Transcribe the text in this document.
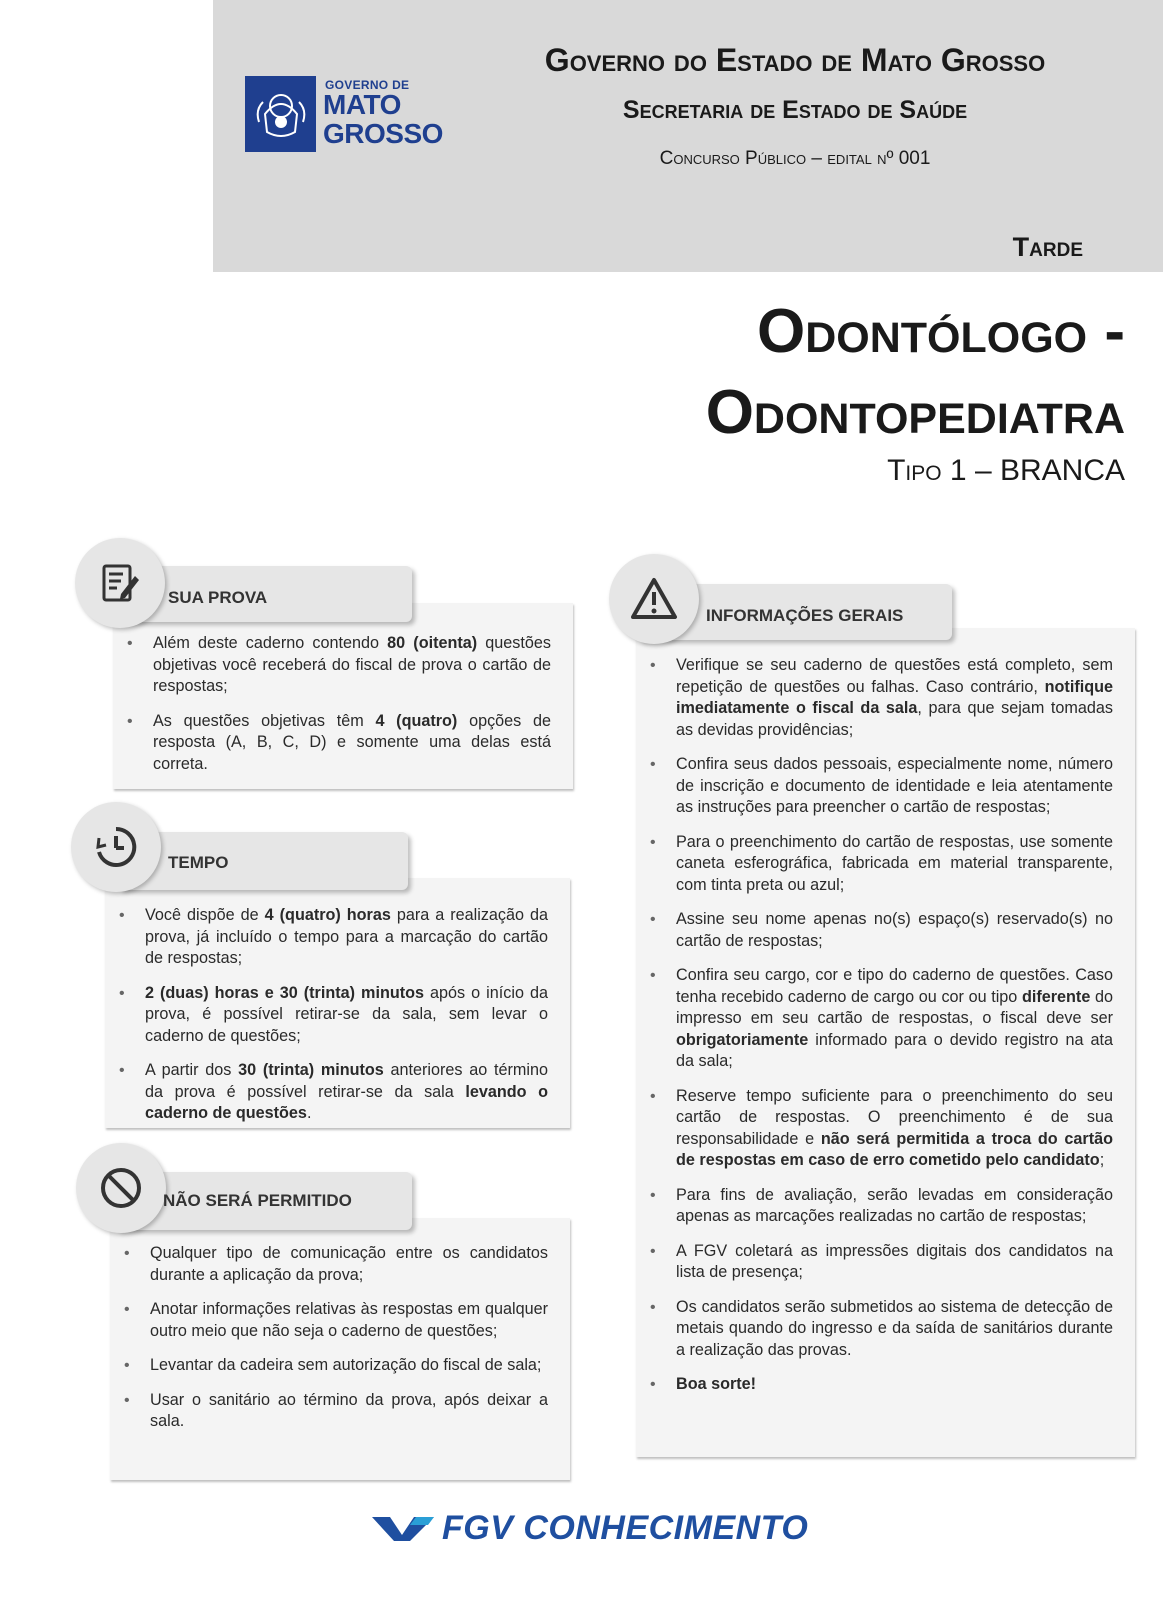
GOVERNO DE
MATO
GROSSO
Governo do Estado de Mato Grosso
Secretaria de Estado de Saúde
Concurso Público – edital nº 001
Tarde
Odontólogo -
Odontopediatra
Tipo 1 – BRANCA
• Além deste caderno contendo 80 (oitenta) questões objetivas você receberá do fiscal de prova o cartão de respostas;
• As questões objetivas têm 4 (quatro) opções de resposta (A, B, C, D) e somente uma delas está correta.
SUA PROVA
• Você dispõe de 4 (quatro) horas para a realização da prova, já incluído o tempo para a marcação do cartão de respostas;
• 2 (duas) horas e 30 (trinta) minutos após o início da prova, é possível retirar-se da sala, sem levar o caderno de questões;
• A partir dos 30 (trinta) minutos anteriores ao término da prova é possível retirar-se da sala levando o caderno de questões.
TEMPO
• Qualquer tipo de comunicação entre os candidatos durante a aplicação da prova;
• Anotar informações relativas às respostas em qualquer outro meio que não seja o caderno de questões;
• Levantar da cadeira sem autorização do fiscal de sala;
• Usar o sanitário ao término da prova, após deixar a sala.
NÃO SERÁ PERMITIDO
• Verifique se seu caderno de questões está completo, sem repetição de questões ou falhas. Caso contrário, notifique imediatamente o fiscal da sala, para que sejam tomadas as devidas providências;
• Confira seus dados pessoais, especialmente nome, número de inscrição e documento de identidade e leia atentamente as instruções para preencher o cartão de respostas;
• Para o preenchimento do cartão de respostas, use somente caneta esferográfica, fabricada em material transparente, com tinta preta ou azul;
• Assine seu nome apenas no(s) espaço(s) reservado(s) no cartão de respostas;
• Confira seu cargo, cor e tipo do caderno de questões. Caso tenha recebido caderno de cargo ou cor ou tipo diferente do impresso em seu cartão de respostas, o fiscal deve ser obrigatoriamente informado para o devido registro na ata da sala;
• Reserve tempo suficiente para o preenchimento do seu cartão de respostas. O preenchimento é de sua responsabilidade e não será permitida a troca do cartão de respostas em caso de erro cometido pelo candidato;
• Para fins de avaliação, serão levadas em consideração apenas as marcações realizadas no cartão de respostas;
• A FGV coletará as impressões digitais dos candidatos na lista de presença;
• Os candidatos serão submetidos ao sistema de detecção de metais quando do ingresso e da saída de sanitários durante a realização das provas.
• Boa sorte!
INFORMAÇÕES GERAIS
FGV CONHECIMENTO
